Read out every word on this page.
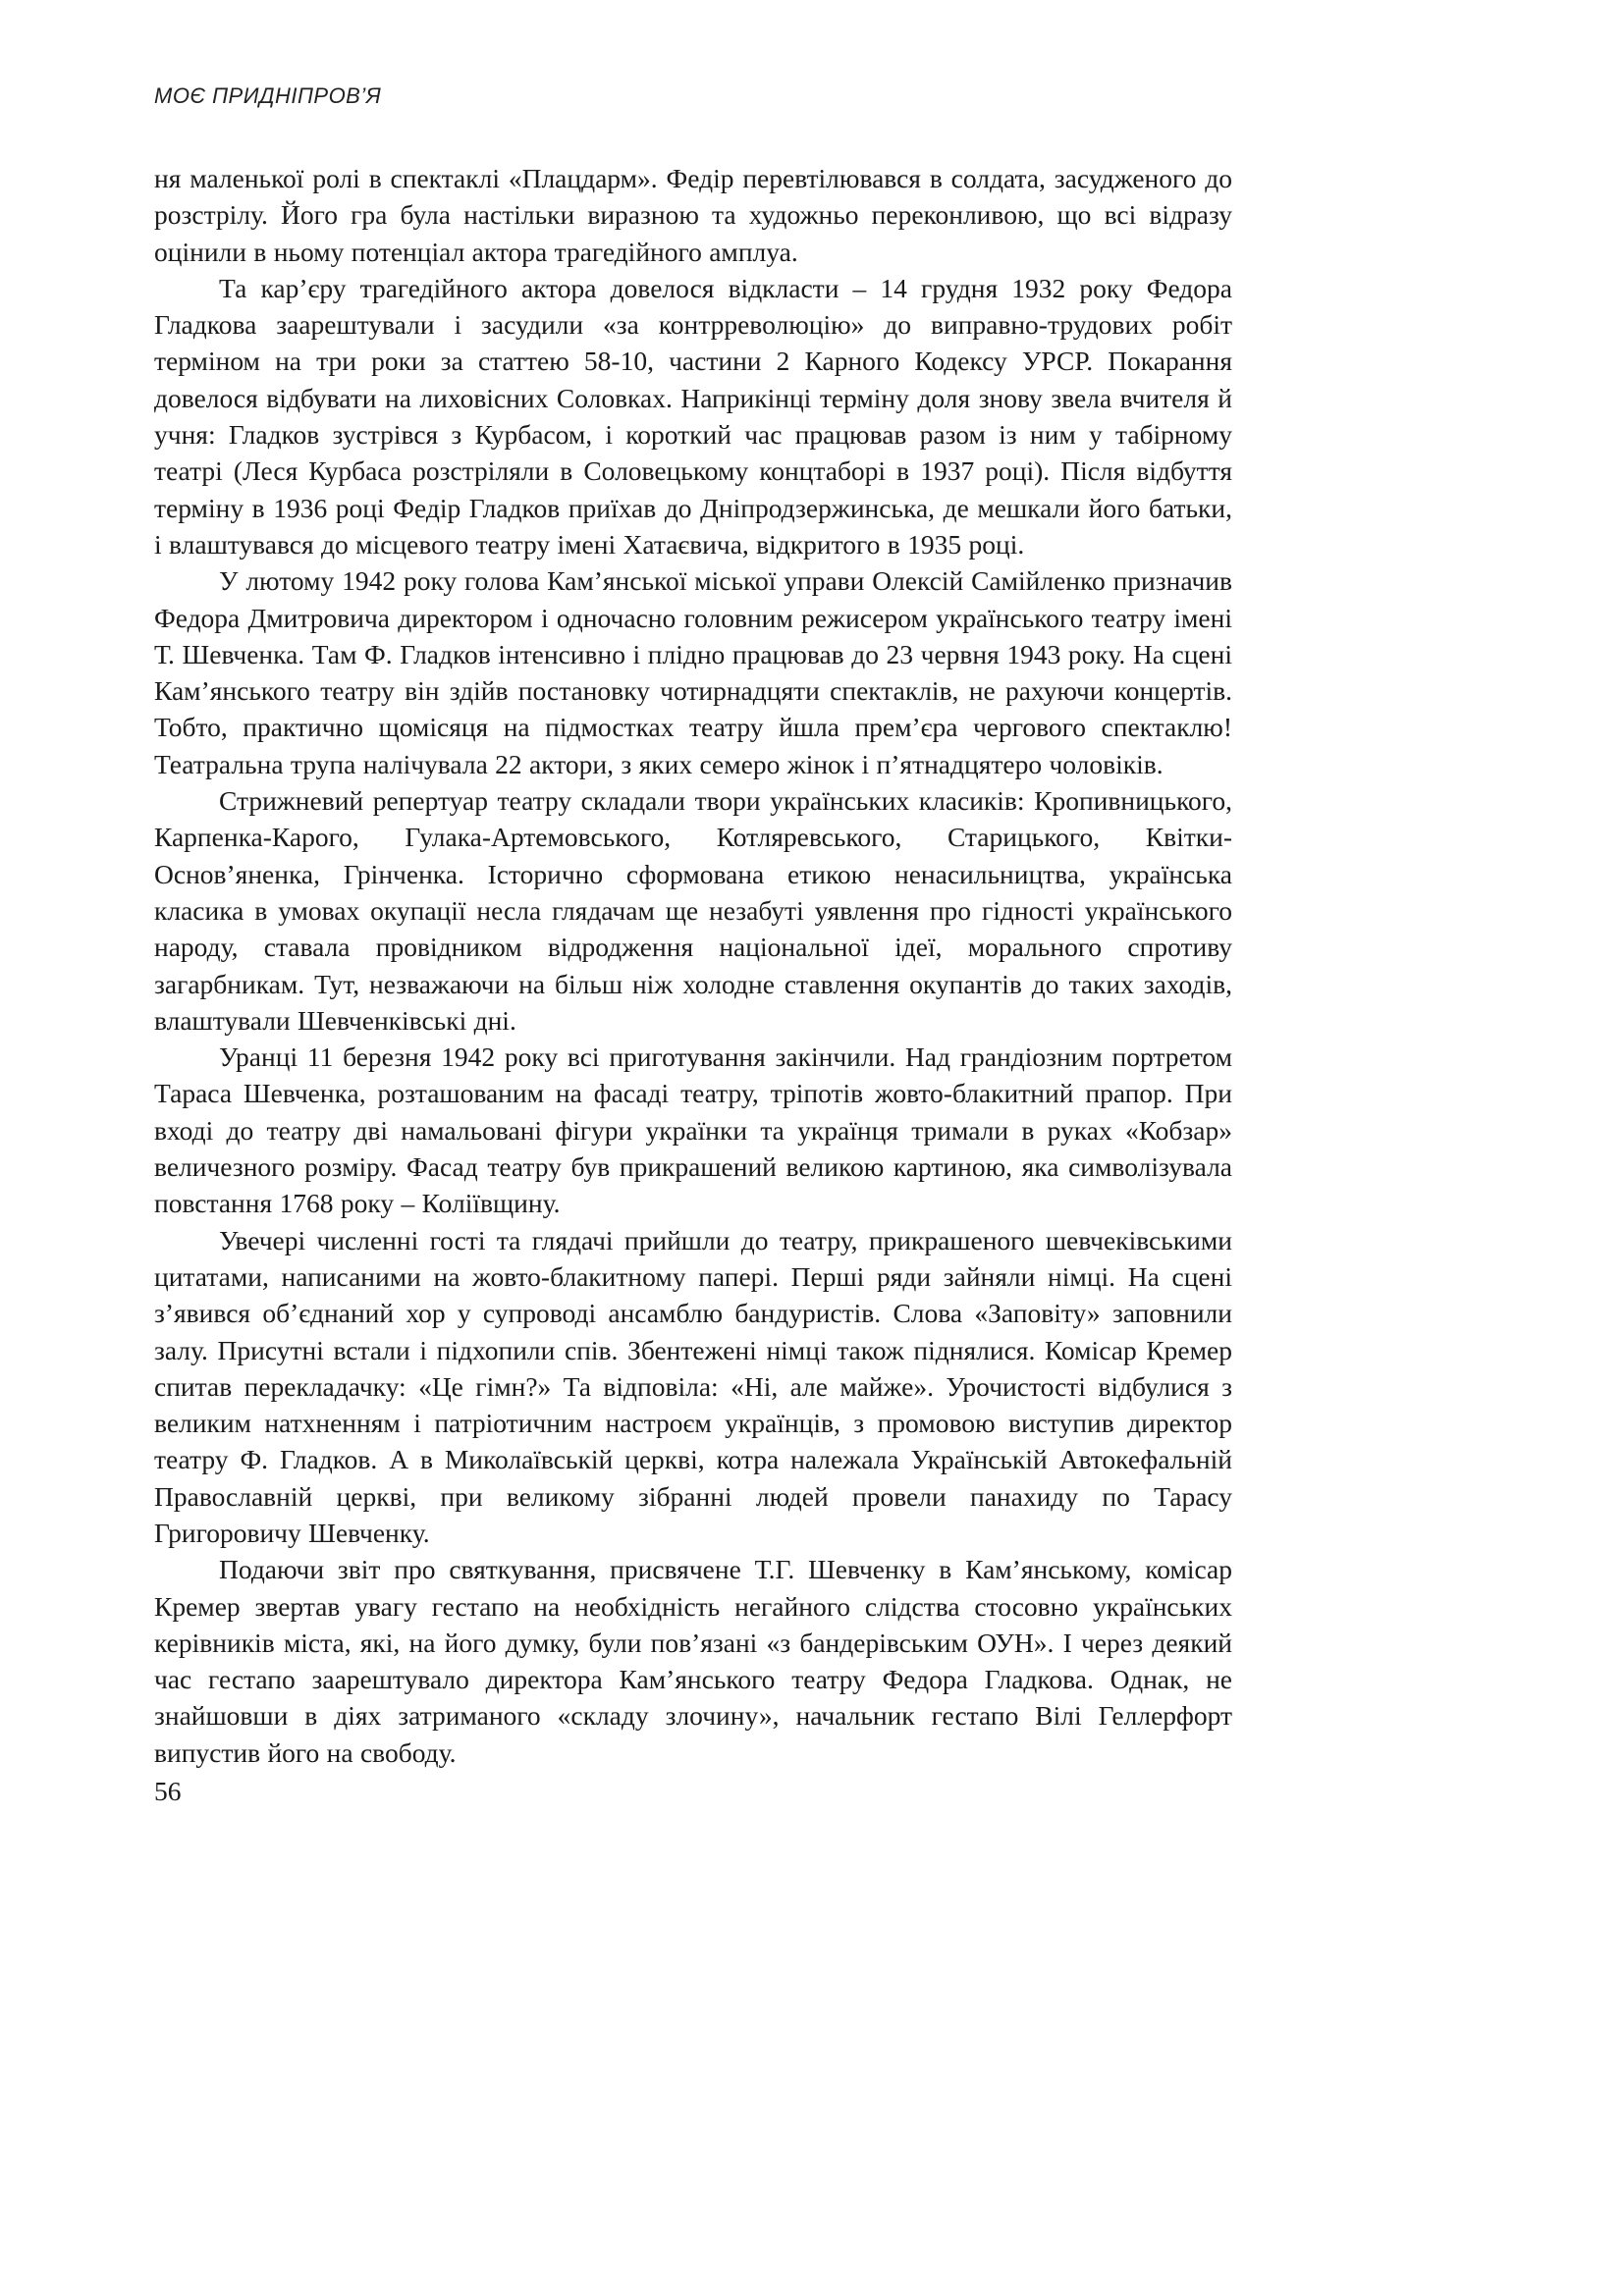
МОЄ ПРИДНІПРОВ’Я

ня маленької ролі в спектаклі «Плацдарм». Федір перевтілювався в солдата, засудженого до розстрілу. Його гра була настільки виразною та художньо переконливою, що всі відразу оцінили в ньому потенціал актора трагедійного амплуа.

Та кар’єру трагедійного актора довелося відкласти – 14 грудня 1932 року Федора Гладкова заарештували і засудили «за контрреволюцію» до виправно-трудових робіт терміном на три роки за статтею 58-10, частини 2 Карного Кодексу УРСР. Покарання довелося відбувати на лиховісних Соловках. Наприкінці терміну доля знову звела вчителя й учня: Гладков зустрівся з Курбасом, і короткий час працював разом із ним у табірному театрі (Леся Курбаса розстріляли в Соловецькому концтаборі в 1937 році). Після відбуття терміну в 1936 році Федір Гладков приїхав до Дніпродзержинська, де мешкали його батьки, і влаштувався до місцевого театру імені Хатаєвича, відкритого в 1935 році.

У лютому 1942 року голова Кам’янської міської управи Олексій Самійленко призначив Федора Дмитровича директором і одночасно головним режисером українського театру імені Т. Шевченка. Там Ф. Гладков інтенсивно і плідно працював до 23 червня 1943 року. На сцені Кам’янського театру він здійв постановку чотирнадцяти спектаклів, не рахуючи концертів. Тобто, практично щомісяця на підмостках театру йшла прем’єра чергового спектаклю! Театральна трупа налічувала 22 актори, з яких семеро жінок і п’ятнадцятеро чоловіків.

Стрижневий репертуар театру складали твори українських класиків: Кропивницького, Карпенка-Карого, Гулака-Артемовського, Котляревського, Старицького, Квітки-Основ’яненка, Грінченка. Історично сформована етикою ненасильництва, українська класика в умовах окупації несла глядачам ще незабуті уявлення про гідності українського народу, ставала провідником відродження національної ідеї, морального спротиву загарбникам. Тут, незважаючи на більш ніж холодне ставлення окупантів до таких заходів, влаштували Шевченківські дні.

Уранці 11 березня 1942 року всі приготування закінчили. Над грандіозним портретом Тараса Шевченка, розташованим на фасаді театру, тріпотів жовто-блакитний прапор. При вході до театру дві намальовані фігури українки та українця тримали в руках «Кобзар» величезного розміру. Фасад театру був прикрашений великою картиною, яка символізувала повстання 1768 року – Коліївщину.

Увечері численні гості та глядачі прийшли до театру, прикрашеного шевчеківськими цитатами, написаними на жовто-блакитному папері. Перші ряди зайняли німці. На сцені з’явився об’єднаний хор у супроводі ансамблю бандуристів. Слова «Заповіту» заповнили залу. Присутні встали і підхопили спів. Збентежені німці також піднялися. Комісар Кремер спитав перекладачку: «Це гімн?» Та відповіла: «Ні, але майже». Урочистості відбулися з великим натхненням і патріотичним настроєм українців, з промовою виступив директор театру Ф. Гладков. А в Миколаївській церкві, котра належала Українській Автокефальній Православній церкві, при великому зібранні людей провели панахиду по Тарасу Григоровичу Шевченку.

Подаючи звіт про святкування, присвячене Т.Г. Шевченку в Кам’янському, комісар Кремер звертав увагу гестапо на необхідність негайного слідства стосовно українських керівників міста, які, на його думку, були пов’язані «з бандерівським ОУН». І через деякий час гестапо заарештувало директора Кам’янського театру Федора Гладкова. Однак, не знайшовши в діях затриманого «складу злочину», начальник гестапо Вілі Геллерфорт випустив його на свободу.

56
